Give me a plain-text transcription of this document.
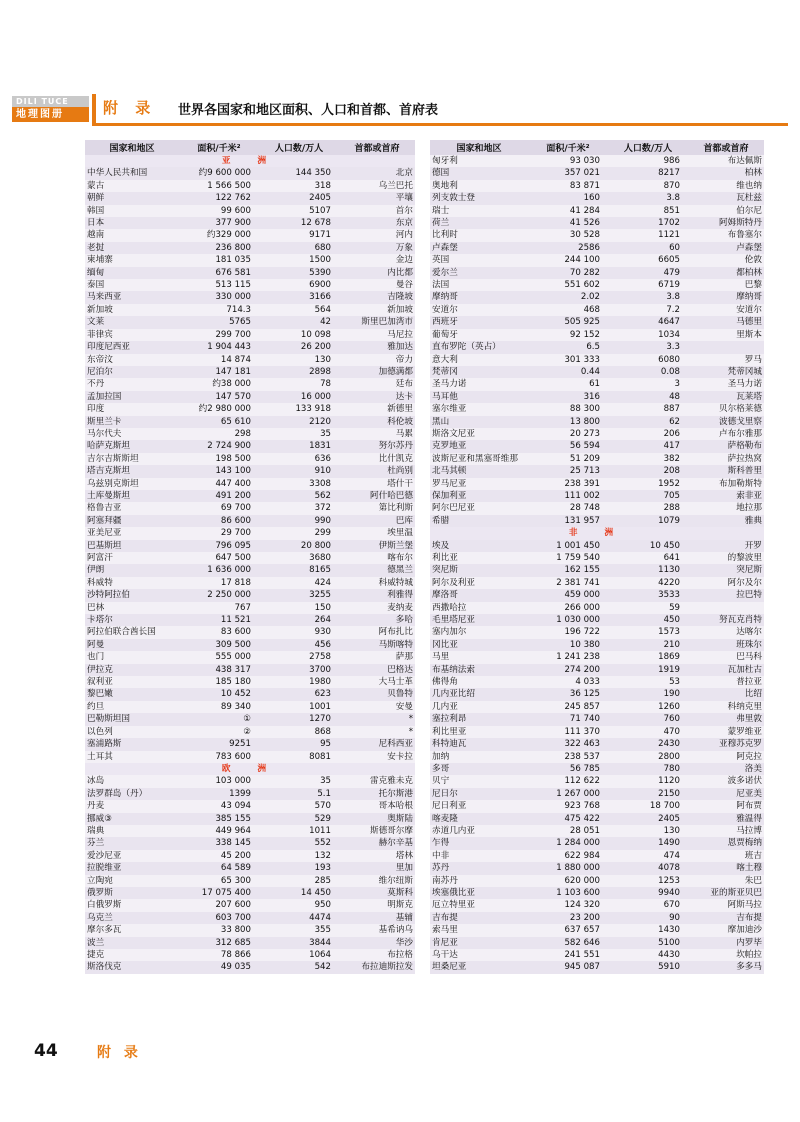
DILI TUCE
地理图册	附 录 世界各国家和地区面积、人口和首都、首府表
国家和地区	面积/千米²	人口数/万人	首都或首府
亚 洲			
中华人民共和国	约9 600 000	144 350	北京
蒙古	1 566 500	318	乌兰巴托
朝鲜	122 762	2405	平壤
韩国	99 600	5107	首尔
日本	377 900	12 678	东京
越南	约329 000	9171	河内
老挝	236 800	680	万象
柬埔寨	181 035	1500	金边
缅甸	676 581	5390	内比都
泰国	513 115	6900	曼谷
马来西亚	330 000	3166	吉隆坡
新加坡	714.3	564	新加坡
文莱	5765	42	斯里巴加湾市
菲律宾	299 700	10 098	马尼拉
印度尼西亚	1 904 443	26 200	雅加达
东帝汶	14 874	130	帝力
尼泊尔	147 181	2898	加德满都
不丹	约38 000	78	廷布
孟加拉国	147 570	16 000	达卡
印度	约2 980 000	133 918	新德里
斯里兰卡	65 610	2120	科伦坡
马尔代夫	298	35	马累
哈萨克斯坦	2 724 900	1831	努尔苏丹
吉尔吉斯斯坦	198 500	636	比什凯克
塔吉克斯坦	143 100	910	杜尚别
乌兹别克斯坦	447 400	3308	塔什干
土库曼斯坦	491 200	562	阿什哈巴德
格鲁吉亚	69 700	372	第比利斯
阿塞拜疆	86 600	990	巴库
亚美尼亚	29 700	299	埃里温
巴基斯坦	796 095	20 800	伊斯兰堡
阿富汗	647 500	3680	喀布尔
伊朗	1 636 000	8165	德黑兰
科威特	17 818	424	科威特城
沙特阿拉伯	2 250 000	3255	利雅得
巴林	767	150	麦纳麦
卡塔尔	11 521	264	多哈
阿拉伯联合酋长国	83 600	930	阿布扎比
阿曼	309 500	456	马斯喀特
也门	555 000	2758	萨那
伊拉克	438 317	3700	巴格达
叙利亚	185 180	1980	大马士革
黎巴嫩	10 452	623	贝鲁特
约旦	89 340	1001	安曼
巴勒斯坦国	①	1270	*
以色列	②	868	*
塞浦路斯	9251	95	尼科西亚
土耳其	783 600	8081	安卡拉
欧 洲			
冰岛	103 000	35	雷克雅未克
法罗群岛（丹）	1399	5.1	托尔斯港
丹麦	43 094	570	哥本哈根
挪威③	385 155	529	奥斯陆
瑞典	449 964	1011	斯德哥尔摩
芬兰	338 145	552	赫尔辛基
爱沙尼亚	45 200	132	塔林
拉脱维亚	64 589	193	里加
立陶宛	65 300	285	维尔纽斯
俄罗斯	17 075 400	14 450	莫斯科
白俄罗斯	207 600	950	明斯克
乌克兰	603 700	4474	基辅
摩尔多瓦	33 800	355	基希讷乌
波兰	312 685	3844	华沙
捷克	78 866	1064	布拉格
斯洛伐克	49 035	542	布拉迪斯拉发
国家和地区	面积/千米²	人口数/万人	首都或首府
匈牙利	93 030	986	布达佩斯
德国	357 021	8217	柏林
奥地利	83 871	870	维也纳
列支敦士登	160	3.8	瓦杜兹
瑞士	41 284	851	伯尔尼
荷兰	41 526	1702	阿姆斯特丹
比利时	30 528	1121	布鲁塞尔
卢森堡	2586	60	卢森堡
英国	244 100	6605	伦敦
爱尔兰	70 282	479	都柏林
法国	551 602	6719	巴黎
摩纳哥	2.02	3.8	摩纳哥
安道尔	468	7.2	安道尔
西班牙	505 925	4647	马德里
葡萄牙	92 152	1034	里斯本
直布罗陀（英占）	6.5	3.3	
意大利	301 333	6080	罗马
梵蒂冈	0.44	0.08	梵蒂冈城
圣马力诺	61	3	圣马力诺
马耳他	316	48	瓦莱塔
塞尔维亚	88 300	887	贝尔格莱德
黑山	13 800	62	波德戈里察
斯洛文尼亚	20 273	206	卢布尔雅那
克罗地亚	56 594	417	萨格勒布
波斯尼亚和黑塞哥维那	51 209	382	萨拉热窝
北马其顿	25 713	208	斯科普里
罗马尼亚	238 391	1952	布加勒斯特
保加利亚	111 002	705	索非亚
阿尔巴尼亚	28 748	288	地拉那
希腊	131 957	1079	雅典
非 洲			
埃及	1 001 450	10 450	开罗
利比亚	1 759 540	641	的黎波里
突尼斯	162 155	1130	突尼斯
阿尔及利亚	2 381 741	4220	阿尔及尔
摩洛哥	459 000	3533	拉巴特
西撒哈拉	266 000	59	
毛里塔尼亚	1 030 000	450	努瓦克肖特
塞内加尔	196 722	1573	达喀尔
冈比亚	10 380	210	班珠尔
马里	1 241 238	1869	巴马科
布基纳法索	274 200	1919	瓦加杜古
佛得角	4 033	53	普拉亚
几内亚比绍	36 125	190	比绍
几内亚	245 857	1260	科纳克里
塞拉利昂	71 740	760	弗里敦
利比里亚	111 370	470	蒙罗维亚
科特迪瓦	322 463	2430	亚穆苏克罗
加纳	238 537	2800	阿克拉
多哥	56 785	780	洛美
贝宁	112 622	1120	波多诺伏
尼日尔	1 267 000	2150	尼亚美
尼日利亚	923 768	18 700	阿布贾
喀麦隆	475 422	2405	雅温得
赤道几内亚	28 051	130	马拉博
乍得	1 284 000	1490	恩贾梅纳
中非	622 984	474	班吉
苏丹	1 880 000	4078	喀土穆
南苏丹	620 000	1253	朱巴
埃塞俄比亚	1 103 600	9940	亚的斯亚贝巴
厄立特里亚	124 320	670	阿斯马拉
吉布提	23 200	90	吉布提
索马里	637 657	1430	摩加迪沙
肯尼亚	582 646	5100	内罗毕
乌干达	241 551	4430	坎帕拉
坦桑尼亚	945 087	5910	多多马
44	附 录
